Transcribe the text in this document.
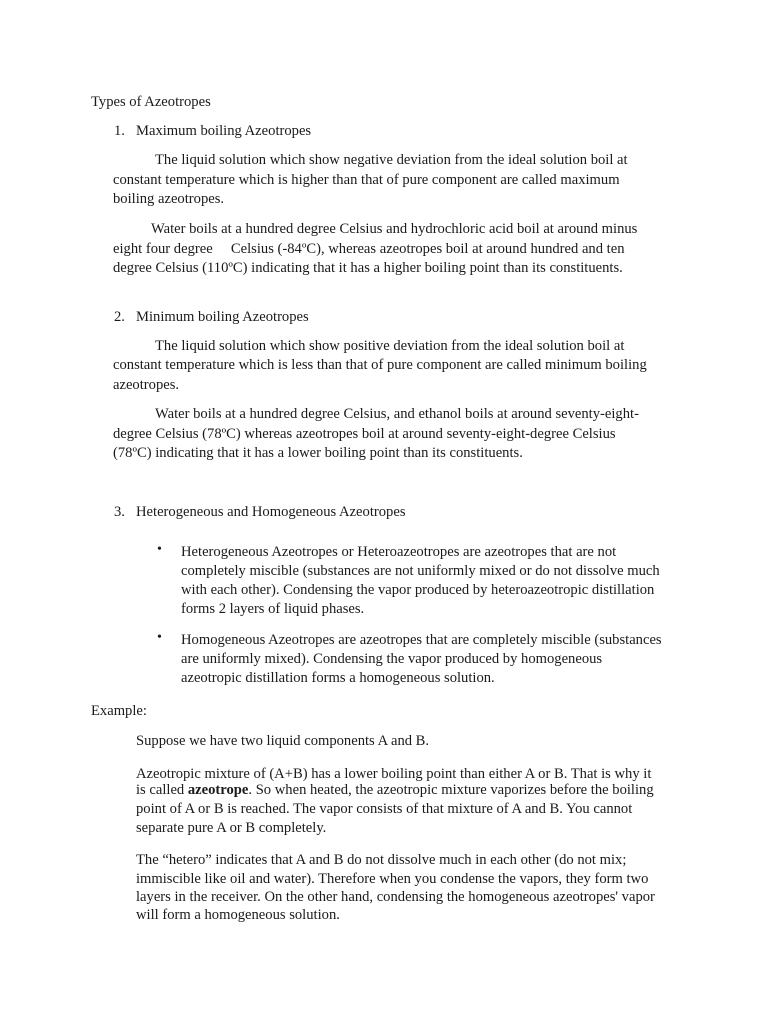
Types of Azeotropes
1. Maximum boiling Azeotropes
The liquid solution which show negative deviation from the ideal solution boil at
constant temperature which is higher than that of pure component are called maximum
boiling azeotropes.
Water boils at a hundred degree Celsius and hydrochloric acid boil at around minus
eight four degree     Celsius (-84ºC), whereas azeotropes boil at around hundred and ten
degree Celsius (110ºC) indicating that it has a higher boiling point than its constituents.
2. Minimum boiling Azeotropes
The liquid solution which show positive deviation from the ideal solution boil at
constant temperature which is less than that of pure component are called minimum boiling
azeotropes.
Water boils at a hundred degree Celsius, and ethanol boils at around seventy-eight-
degree Celsius (78ºC) whereas azeotropes boil at around seventy-eight-degree Celsius
(78ºC) indicating that it has a lower boiling point than its constituents.
3. Heterogeneous and Homogeneous Azeotropes
• Heterogeneous Azeotropes or Heteroazeotropes are azeotropes that are not
completely miscible (substances are not uniformly mixed or do not dissolve much
with each other). Condensing the vapor produced by heteroazeotropic distillation
forms 2 layers of liquid phases.
• Homogeneous Azeotropes are azeotropes that are completely miscible (substances
are uniformly mixed). Condensing the vapor produced by homogeneous
azeotropic distillation forms a homogeneous solution.
Example:
Suppose we have two liquid components A and B.
Azeotropic mixture of (A+B) has a lower boiling point than either A or B. That is why it
is called azeotrope. So when heated, the azeotropic mixture vaporizes before the boiling
point of A or B is reached. The vapor consists of that mixture of A and B. You cannot
separate pure A or B completely.
The “hetero” indicates that A and B do not dissolve much in each other (do not mix;
immiscible like oil and water). Therefore when you condense the vapors, they form two
layers in the receiver. On the other hand, condensing the homogeneous azeotropes' vapor
will form a homogeneous solution.
